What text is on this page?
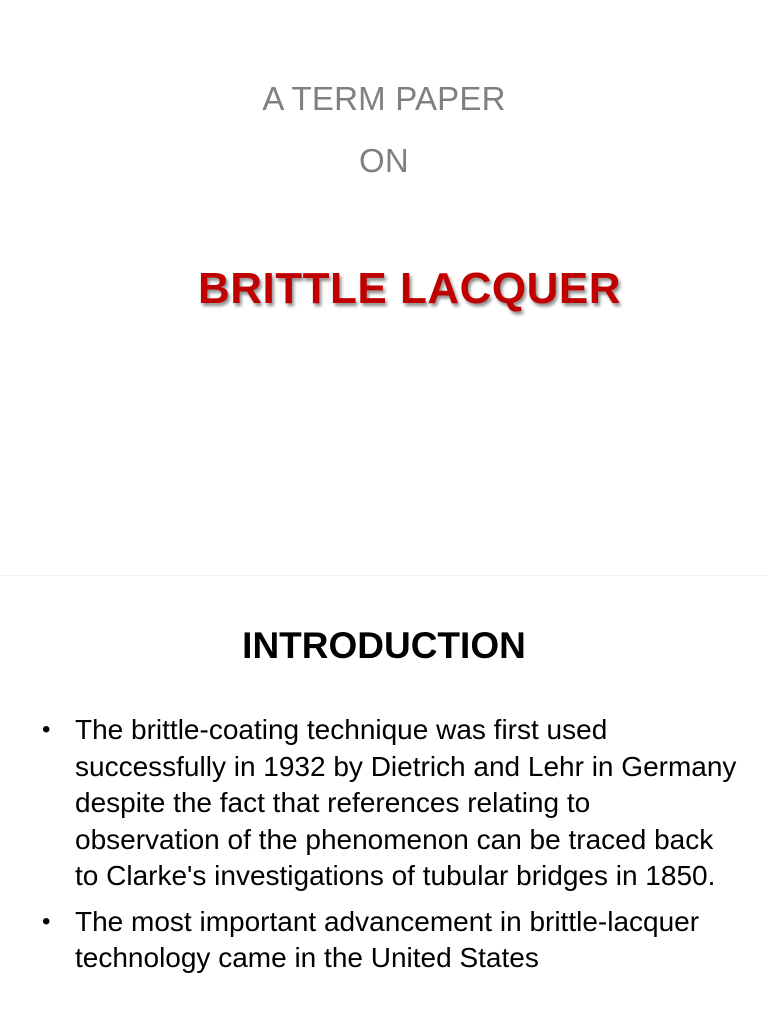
A TERM PAPER
ON
BRITTLE LACQUER
INTRODUCTION
• The brittle-coating technique was first used successfully in 1932 by Dietrich and Lehr in Germany despite the fact that references relating to observation of the phenomenon can be traced back to Clarke's investigations of tubular bridges in 1850.
• The most important advancement in brittle-lacquer technology came in the United States
